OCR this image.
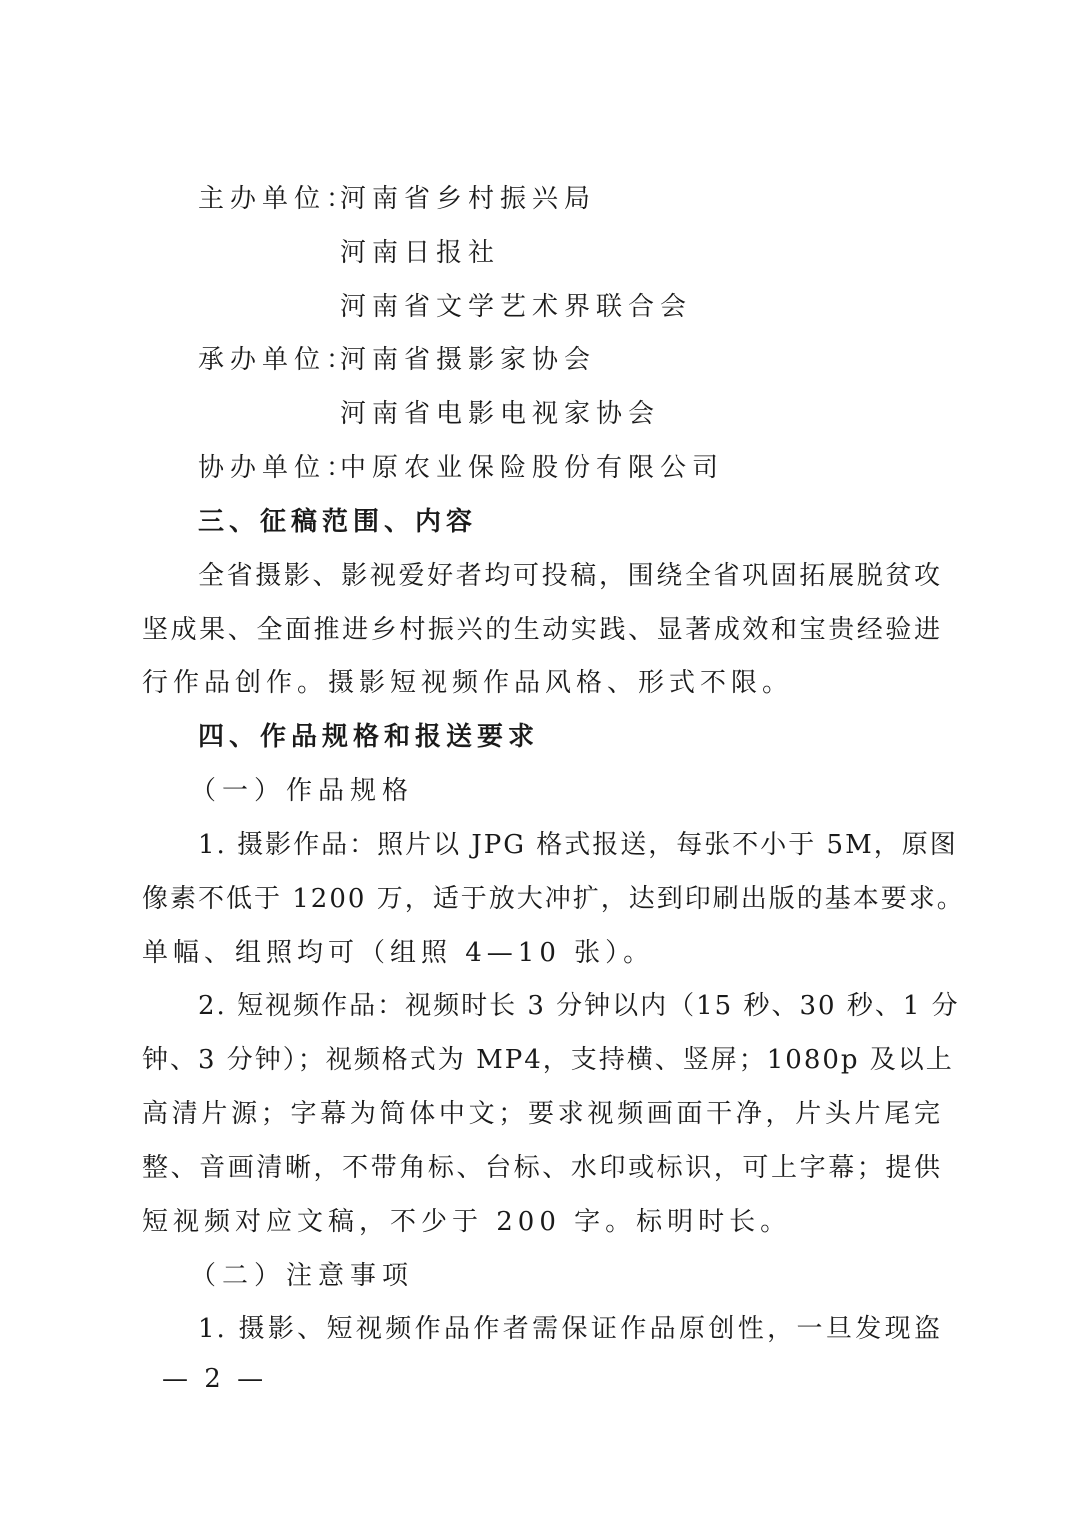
主办单位：
河南省乡村振兴局
河南日报社
河南省文学艺术界联合会
承办单位：
河南省摄影家协会
河南省电影电视家协会
协办单位：
中原农业保险股份有限公司
三、征稿范围、内容
全省摄影、影视爱好者均可投稿，围绕全省巩固拓展脱贫攻
坚成果、全面推进乡村振兴的生动实践、显著成效和宝贵经验进
行作品创作。摄影短视频作品风格、形式不限。
四、作品规格和报送要求
（一）作品规格
1. 摄影作品：照片以 JPG 格式报送，每张不小于 5M，原图
像素不低于 1200 万，适于放大冲扩，达到印刷出版的基本要求。
单幅、组照均可（组照 4—10 张）。
2. 短视频作品：视频时长 3 分钟以内（15 秒、30 秒、1 分
钟、3 分钟）；视频格式为 MP4，支持横、竖屏；1080p 及以上
高清片源；字幕为简体中文；要求视频画面干净，片头片尾完
整、音画清晰，不带角标、台标、水印或标识，可上字幕；提供
短视频对应文稿，不少于 200 字。标明时长。
（二）注意事项
1. 摄影、短视频作品作者需保证作品原创性，一旦发现盗
— 2 —
